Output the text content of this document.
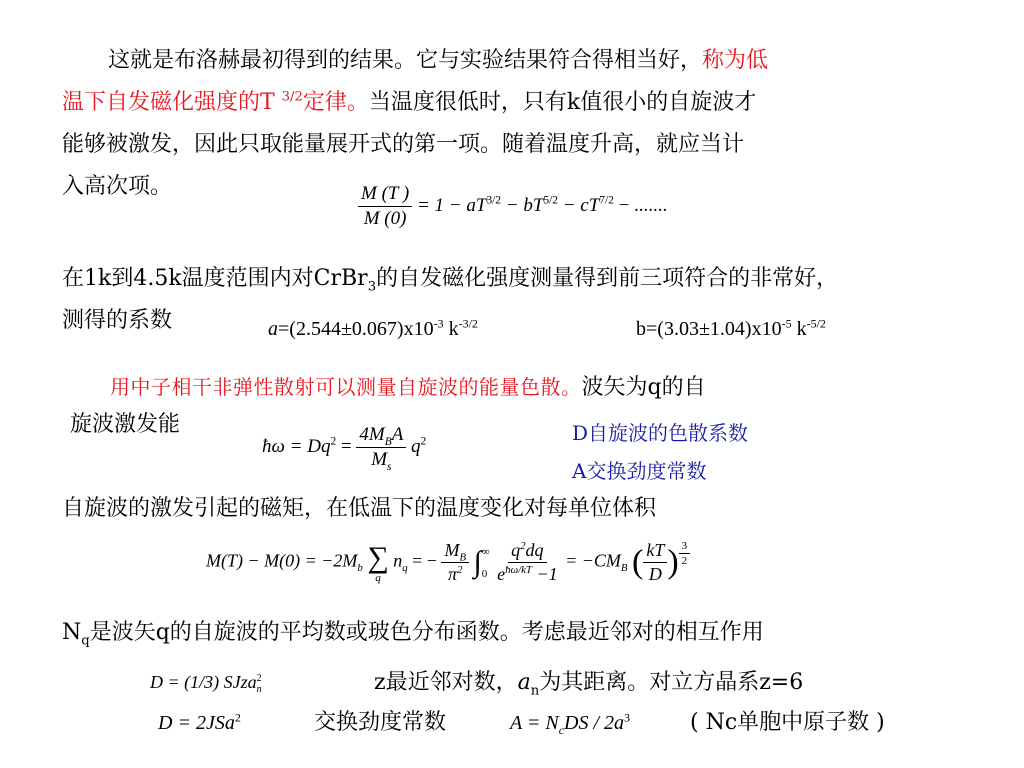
这就是布洛赫最初得到的结果。它与实验结果符合得相当好，称为低
温下自发磁化强度的T $^{3/2}$定律。当温度很低时，只有k值很小的自旋波才
能够被激发，因此只取能量展开式的第一项。随着温度升高，就应当计
入高次项。	$\frac{M (T )}{M (0)} = 1 - aT^{3/2} - bT^{5/2} - cT^{7/2}$ − .......
在1k到4.5k温度范围内对CrBr$_3$的自发磁化强度测量得到前三项符合的非常好，
测得的系数	$a=(2.544\pm 0.067)x10^{-3}$ $k^{-3/2}$	$b=(3.03\pm 1.04)x10^{-5}$ $k^{-5/2}$
用中子相干非弹性散射可以测量自旋波的能量色散。波矢为q的自
旋波激发能
ħω = $Dq^2 = \frac{4M_BA}{M_s} q^2$	D自旋波的色散系数
A交换劲度常数
自旋波的激发引起的磁矩，在低温下的温度变化对每单位体积
$M(T) - M(0) = -2M_b$ ∑
q
$n_q$ = − $\frac{M_B}{\pi^2}$ ∫ ∞
0
$\frac{q^2dq}{e^{ħ\omega/kT} -1} = -CM_B$ ( $\frac{kT}{D}$ ) $\frac{3}{2}$
$N_q$是波矢q的自旋波的平均数或玻色分布函数。考虑最近邻对的相互作用
D = (1/3) SJza 2
n	z最近邻对数，$a_n$为其距离。对立方晶系z=6
D = 2JSa$^2$	交换劲度常数	$A = N_cDS / 2a^3$	( Nc单胞中原子数 )
